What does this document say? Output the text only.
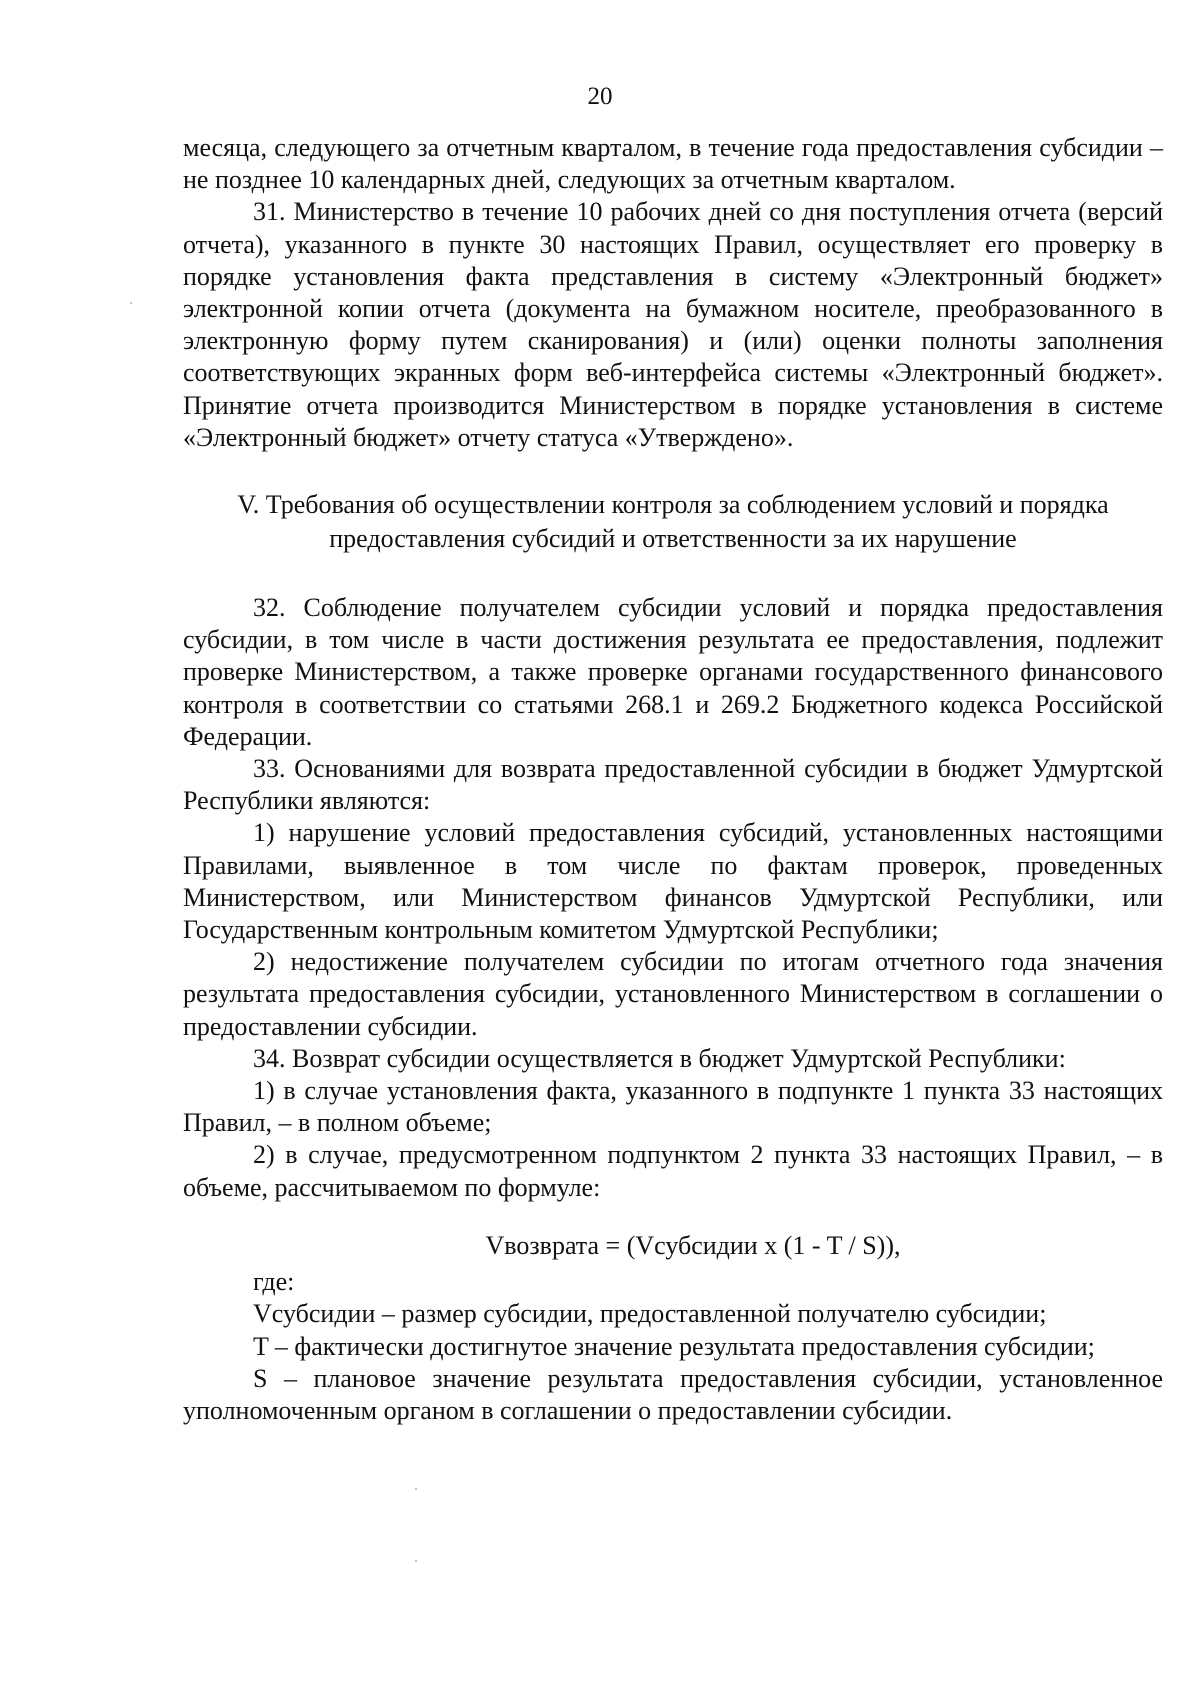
20

месяца, следующего за отчетным кварталом, в течение года предоставления субсидии – не позднее 10 календарных дней, следующих за отчетным кварталом.

31. Министерство в течение 10 рабочих дней со дня поступления отчета (версий отчета), указанного в пункте 30 настоящих Правил, осуществляет его проверку в порядке установления факта представления в систему «Электронный бюджет» электронной копии отчета (документа на бумажном носителе, преобразованного в электронную форму путем сканирования) и (или) оценки полноты заполнения соответствующих экранных форм веб-интерфейса системы «Электронный бюджет». Принятие отчета производится Министерством в порядке установления в системе «Электронный бюджет» отчету статуса «Утверждено».

V. Требования об осуществлении контроля за соблюдением условий и порядка предоставления субсидий и ответственности за их нарушение

32. Соблюдение получателем субсидии условий и порядка предоставления субсидии, в том числе в части достижения результата ее предоставления, подлежит проверке Министерством, а также проверке органами государственного финансового контроля в соответствии со статьями 268.1 и 269.2 Бюджетного кодекса Российской Федерации.

33. Основаниями для возврата предоставленной субсидии в бюджет Удмуртской Республики являются:

1) нарушение условий предоставления субсидий, установленных настоящими Правилами, выявленное в том числе по фактам проверок, проведенных Министерством, или Министерством финансов Удмуртской Республики, или Государственным контрольным комитетом Удмуртской Республики;

2) недостижение получателем субсидии по итогам отчетного года значения результата предоставления субсидии, установленного Министерством в соглашении о предоставлении субсидии.

34. Возврат субсидии осуществляется в бюджет Удмуртской Республики:

1) в случае установления факта, указанного в подпункте 1 пункта 33 настоящих Правил, – в полном объеме;

2) в случае, предусмотренном подпунктом 2 пункта 33 настоящих Правил, – в объеме, рассчитываемом по формуле:

Vвозврата = (Vсубсидии x (1 - T / S)),

где:

Vсубсидии – размер субсидии, предоставленной получателю субсидии;

T – фактически достигнутое значение результата предоставления субсидии;

S – плановое значение результата предоставления субсидии, установленное уполномоченным органом в соглашении о предоставлении субсидии.
